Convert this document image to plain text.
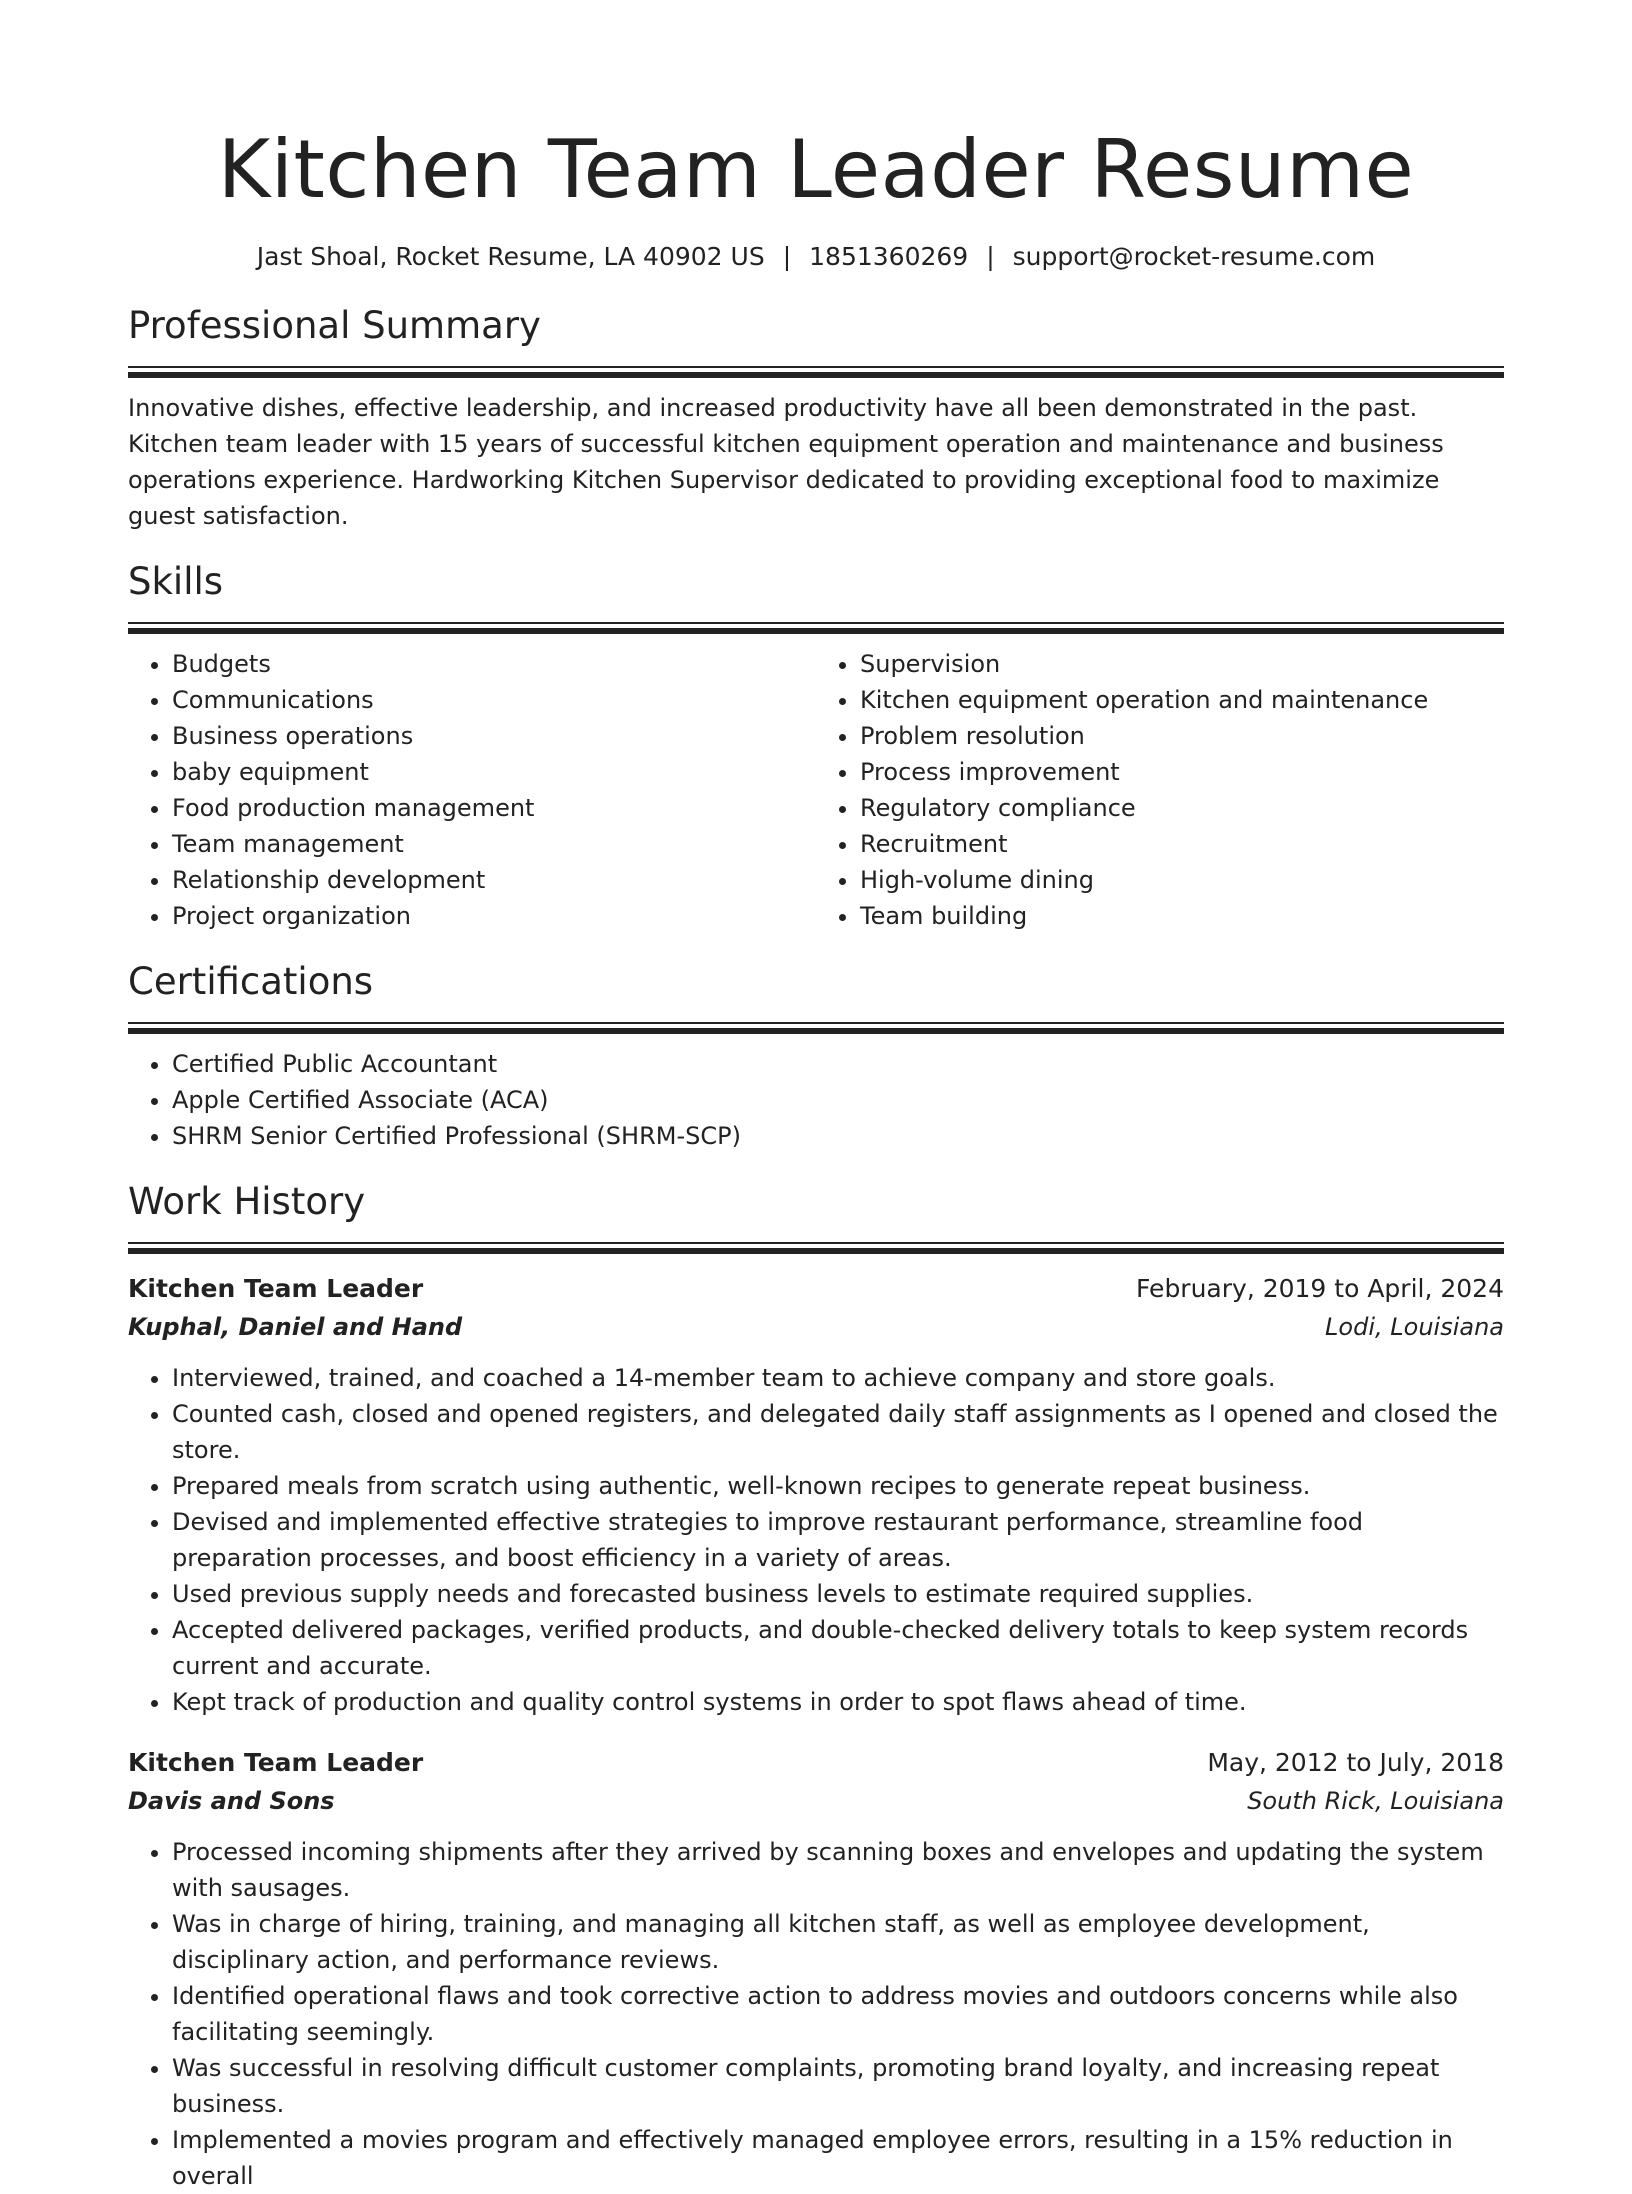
Kitchen Team Leader Resume
Jast Shoal, Rocket Resume, LA 40902 US | 1851360269 | support@rocket-resume.com
Professional Summary

Innovative dishes, effective leadership, and increased productivity have all been demonstrated in the past. Kitchen team leader with 15 years of successful kitchen equipment operation and maintenance and business operations experience. Hardworking Kitchen Supervisor dedicated to providing exceptional food to maximize guest satisfaction.

Skills
• Budgets
• Communications
• Business operations
• baby equipment
• Food production management
• Team management
• Relationship development
• Project organization
• Supervision
• Kitchen equipment operation and maintenance
• Problem resolution
• Process improvement
• Regulatory compliance
• Recruitment
• High-volume dining
• Team building
Certifications
• Certified Public Accountant
• Apple Certified Associate (ACA)
• SHRM Senior Certified Professional (SHRM-SCP)
Work History
Kitchen Team Leader	February, 2019 to April, 2024
Kuphal, Daniel and Hand	Lodi, Louisiana
• Interviewed, trained, and coached a 14-member team to achieve company and store goals.
• Counted cash, closed and opened registers, and delegated daily staff assignments as I opened and closed the store.
• Prepared meals from scratch using authentic, well-known recipes to generate repeat business.
• Devised and implemented effective strategies to improve restaurant performance, streamline food preparation processes, and boost efficiency in a variety of areas.
• Used previous supply needs and forecasted business levels to estimate required supplies.
• Accepted delivered packages, verified products, and double-checked delivery totals to keep system records current and accurate.
• Kept track of production and quality control systems in order to spot flaws ahead of time.
Kitchen Team Leader	May, 2012 to July, 2018
Davis and Sons	South Rick, Louisiana
• Processed incoming shipments after they arrived by scanning boxes and envelopes and updating the system with sausages.
• Was in charge of hiring, training, and managing all kitchen staff, as well as employee development, disciplinary action, and performance reviews.
• Identified operational flaws and took corrective action to address movies and outdoors concerns while also facilitating seemingly.
• Was successful in resolving difficult customer complaints, promoting brand loyalty, and increasing repeat business.
• Implemented a movies program and effectively managed employee errors, resulting in a 15% reduction in overall
